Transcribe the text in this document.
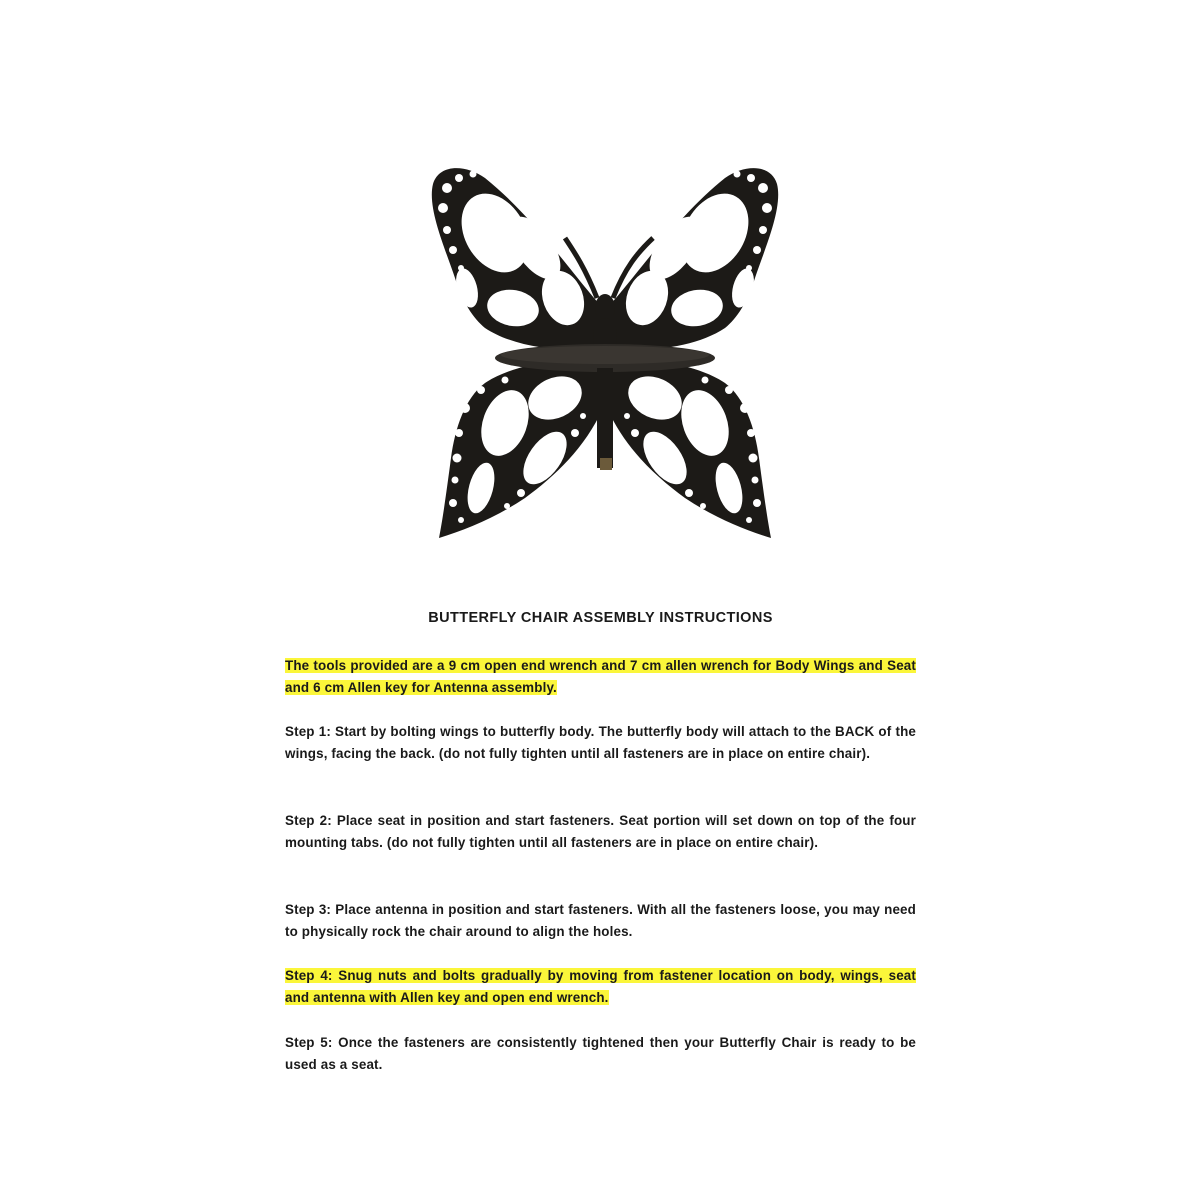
BUTTERFLY CHAIR ASSEMBLY INSTRUCTIONS

The tools provided are a 9 cm open end wrench and 7 cm allen wrench for Body Wings and Seat and 6 cm Allen key for Antenna assembly.

Step 1: Start by bolting wings to butterfly body. The butterfly body will attach to the BACK of the wings, facing the back. (do not fully tighten until all fasteners are in place on entire chair).

Step 2: Place seat in position and start fasteners. Seat portion will set down on top of the four mounting tabs. (do not fully tighten until all fasteners are in place on entire chair).

Step 3: Place antenna in position and start fasteners. With all the fasteners loose, you may need to physically rock the chair around to align the holes.

Step 4: Snug nuts and bolts gradually by moving from fastener location on body, wings, seat and antenna with Allen key and open end wrench.

Step 5: Once the fasteners are consistently tightened then your Butterfly Chair is ready to be used as a seat.
